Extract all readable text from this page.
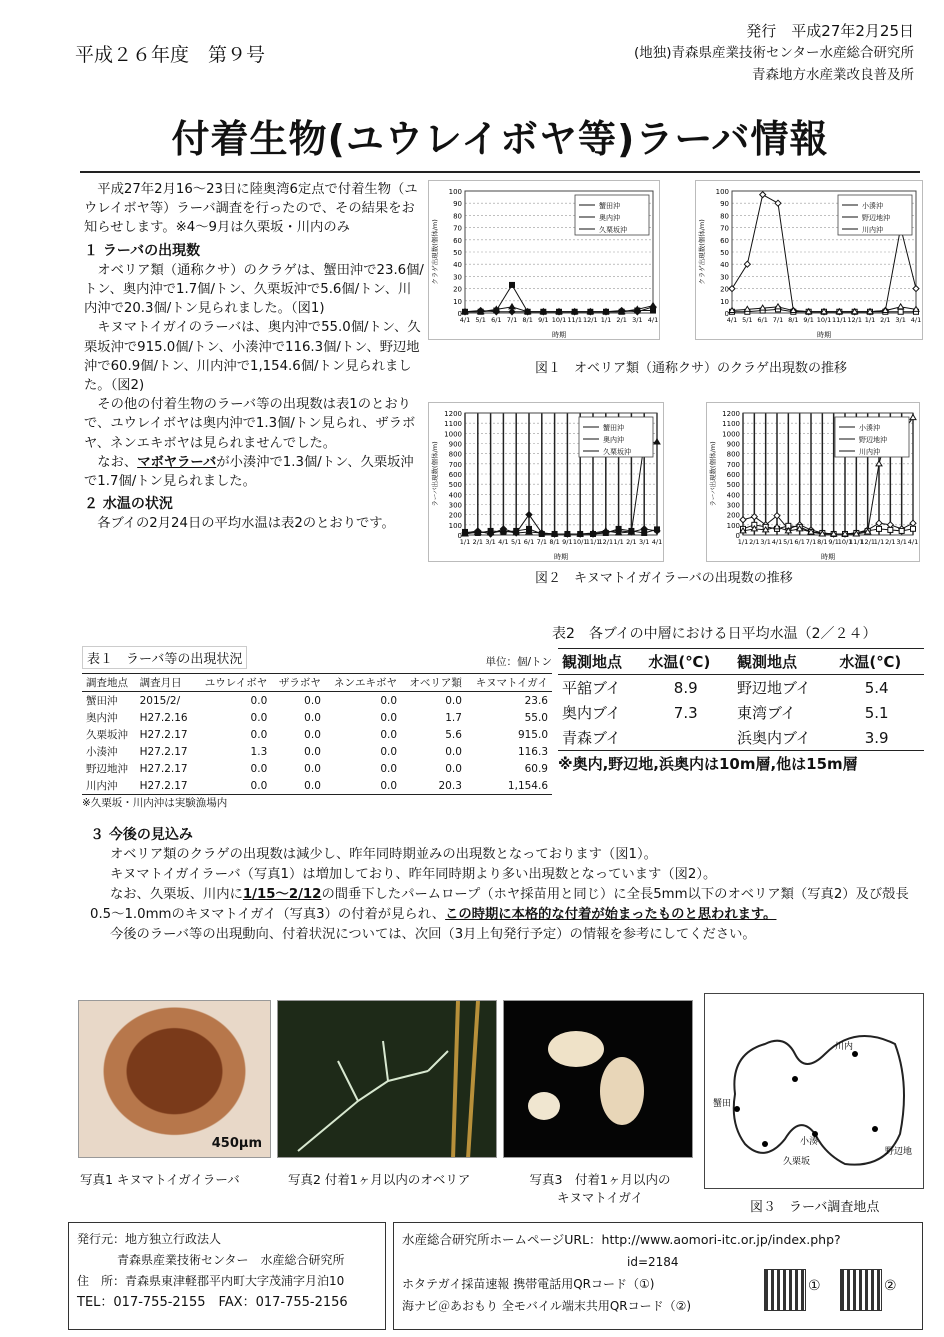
平成２６年度　第９号
発行　平成27年2月25日
(地独)青森県産業技術センター水産総合研究所
青森地方水産業改良普及所
付着生物(ユウレイボヤ等)ラーバ情報

平成27年2月16～23日に陸奥湾6定点で付着生物（ユウレイボヤ等）ラーバ調査を行ったので、その結果をお知らせします。※4～9月は久栗坂・川内のみ

１ ラーバの出現数

オベリア類（通称クサ）のクラゲは、蟹田沖で23.6個/トン、奥内沖で1.7個/トン、久栗坂沖で5.6個/トン、川内沖で20.3個/トン見られました。（図1)

キヌマトイガイのラーバは、奥内沖で55.0個/トン、久栗坂沖で915.0個/トン、小湊沖で116.3個/トン、野辺地沖で60.9個/トン、川内沖で1,154.6個/トン見られました。（図2)

その他の付着生物のラーバ等の出現数は表1のとおりで、ユウレイボヤは奥内沖で1.3個/トン見られ、ザラボヤ、ネンエキボヤは見られませんでした。

なお、マボヤラーバが小湊沖で1.3個/トン、久栗坂沖で1.7個/トン見られました。

２ 水温の状況

各ブイの2月24日の平均水温は表2のとおりです。

0
10
20
30
40
50
60
70
80
90
100
4/1 5/1 6/1 7/1 8/1 9/1 10/1 11/1 12/1 1/1 2/1 3/1 4/1
時期
クラゲ出現数(個体/m)
蟹田沖
奥内沖
久栗坂沖
0
10
20
30
40
50
60
70
80
90
100
4/1 5/1 6/1 7/1 8/1 9/1 10/1 11/1 12/1 1/1 2/1 3/1 4/1
時期
クラゲ出現数(個体/m)
小湊沖
野辺地沖
川内沖
図１　オベリア類（通称クサ）のクラゲ出現数の推移
0
100
200
300
400
500
600
700
800
900
1000
1100
1200
1/1 2/1 3/1 4/1 5/1 6/1 7/1 8/1 9/1 10/1
11/1
12/1 1/1 2/1 3/1 4/1
時期
ラーバ出現数(個体/m)
蟹田沖
奥内沖
久栗坂沖
0
100
200
300
400
500
600
700
800
900
1000
1100
1200
1/1 2/1 3/1 4/1 5/1 6/1 7/1 8/1 9/1
10/1
11/1
12/1
1/1 2/1 3/1 4/1
時期
ラーバ出現数(個体/m)
小湊沖
野辺地沖
川内沖
図２　キヌマトイガイラーバの出現数の推移
表１　ラーバ等の出現状況	単位：個/トン
調査地点	調査月日	ユウレイボヤ	ザラボヤ	ネンエキボヤ	オベリア類	キヌマトイガイ
蟹田沖	2015/2/	0.0	0.0	0.0	0.0	23.6
奥内沖	H27.2.16	0.0	0.0	0.0	1.7	55.0
久栗坂沖	H27.2.17	0.0	0.0	0.0	5.6	915.0
小湊沖	H27.2.17	1.3	0.0	0.0	0.0	116.3
野辺地沖	H27.2.17	0.0	0.0	0.0	0.0	60.9
川内沖	H27.2.17	0.0	0.0	0.0	20.3	1,154.6
※久栗坂・川内沖は実験漁場内
表2　各ブイの中層における日平均水温（2／２４）
観測地点	水温(℃)	観測地点	水温(℃)
平舘ブイ	8.9	野辺地ブイ	5.4
奥内ブイ	7.3	東湾ブイ	5.1
青森ブイ		浜奥内ブイ	3.9
※奥内,野辺地,浜奥内は10m層,他は15m層
３ 今後の見込み

オベリア類のクラゲの出現数は減少し、昨年同時期並みの出現数となっております（図1）。

キヌマトイガイラーバ（写真1）は増加しており、昨年同時期より多い出現数となっています（図2）。

なお、久栗坂、川内に1/15～2/12の間垂下したパームロープ（ホヤ採苗用と同じ）に全長5mm以下のオベリア類（写真2）及び殻長0.5～1.0mmのキヌマトイガイ（写真3）の付着が見られ、この時期に本格的な付着が始まったものと思われます。

今後のラーバ等の出現動向、付着状況については、次回（3月上旬発行予定）の情報を参考にしてください。

450μm
写真1 キヌマトイガイラーバ	写真2 付着1ヶ月以内のオベリア	写真3　付着1ヶ月以内の
キヌマトイガイ
野辺地
小湊
久栗坂
川内
蟹田
図３　ラーバ調査地点
発行元：地方独立行政法人
青森県産業技術センター　水産総合研究所
住　所：青森県東津軽郡平内町大字茂浦字月泊10
TEL：017-755-2155　FAX：017-755-2156
水産総合研究所ホームページURL：http://www.aomori-itc.or.jp/index.php?
id=2184
ホタテガイ採苗速報 携帯電話用QRコード（①)
海ナビ＠あおもり 全モバイル端末共用QRコード（②)
①	②
